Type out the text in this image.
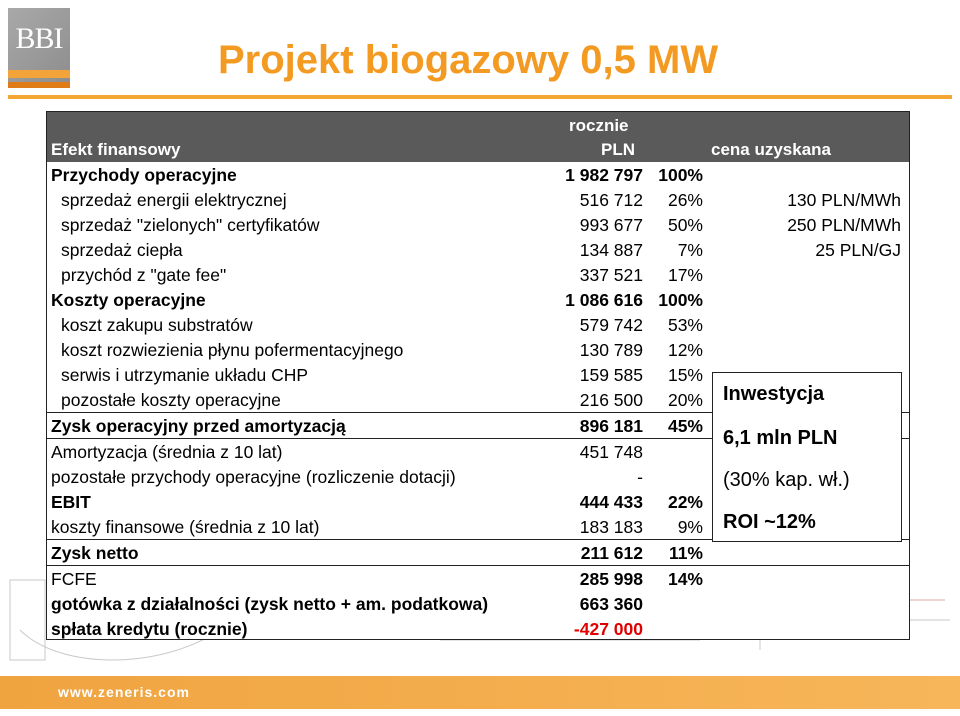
BBI	Projekt biogazowy 0,5 MW
Efekt finansowy
rocznie
PLN	cena uzyskana
Przychody operacyjne	1 982 797 100%
sprzedaż energii elektrycznej	516 712 26%	130 PLN/MWh
sprzedaż "zielonych" certyfikatów	993 677 50%	250 PLN/MWh
sprzedaż ciepła	134 887 7%	25 PLN/GJ
przychód z "gate fee"	337 521 17%
Koszty operacyjne	1 086 616 100%
koszt zakupu substratów	579 742 53%
koszt rozwiezienia płynu pofermentacyjnego	130 789 12%
serwis i utrzymanie układu CHP	159 585 15%
pozostałe koszty operacyjne	216 500 20%
Zysk operacyjny przed amortyzacją	896 181 45%
Amortyzacja (średnia z 10 lat)	451 748
pozostałe przychody operacyjne (rozliczenie dotacji)	-
EBIT	444 433 22%
koszty finansowe (średnia z 10 lat)	183 183 9%
Zysk netto	211 612 11%
FCFE	285 998 14%
gotówka z działalności (zysk netto + am. podatkowa)	663 360
spłata kredytu (rocznie)	-427 000
Inwestycja
6,1 mln PLN
(30% kap. wł.)
ROI ~12%
www.zeneris.com
